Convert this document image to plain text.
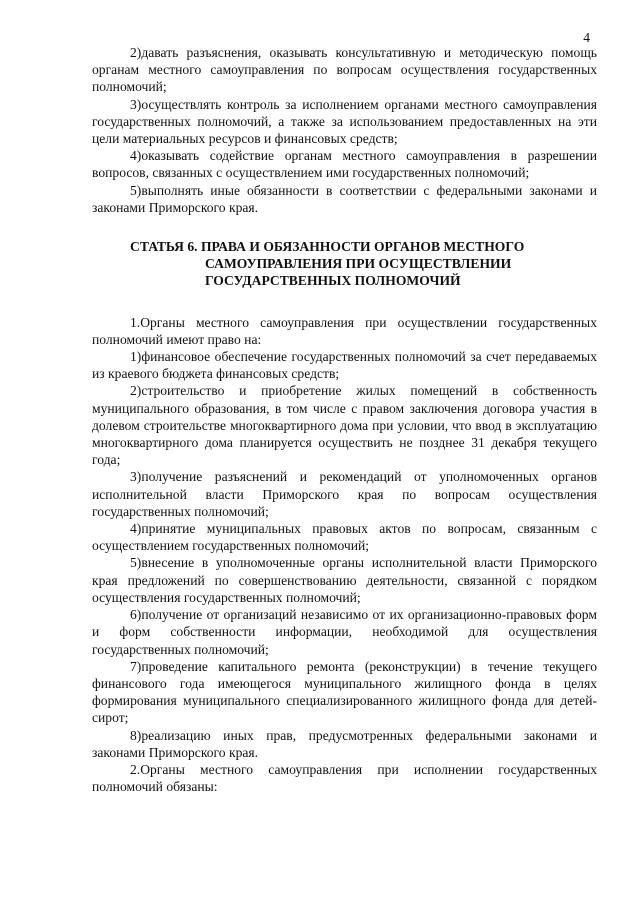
4

2)давать разъяснения, оказывать консультативную и методическую помощь органам местного самоуправления по вопросам осуществления государственных полномочий;

3)осуществлять контроль за исполнением органами местного самоуправления государственных полномочий, а также за использованием предоставленных на эти цели материальных ресурсов и финансовых средств;

4)оказывать содействие органам местного самоуправления в разрешении вопросов, связанных с осуществлением ими государственных полномочий;

5)выполнять иные обязанности в соответствии с федеральными законами и законами Приморского края.

СТАТЬЯ 6. ПРАВА И ОБЯЗАННОСТИ ОРГАНОВ МЕСТНОГО
САМОУПРАВЛЕНИЯ ПРИ ОСУЩЕСТВЛЕНИИ
ГОСУДАРСТВЕННЫХ ПОЛНОМОЧИЙ

1.Органы местного самоуправления при осуществлении государственных полномочий имеют право на:

1)финансовое обеспечение государственных полномочий за счет передаваемых из краевого бюджета финансовых средств;

2)строительство и приобретение жилых помещений в собственность муниципального образования, в том числе с правом заключения договора участия в долевом строительстве многоквартирного дома при условии, что ввод в эксплуатацию многоквартирного дома планируется осуществить не позднее 31 декабря текущего года;

3)получение разъяснений и рекомендаций от уполномоченных органов исполнительной власти Приморского края по вопросам осуществления государственных полномочий;

4)принятие муниципальных правовых актов по вопросам, связанным с осуществлением государственных полномочий;

5)внесение в уполномоченные органы исполнительной власти Приморского края предложений по совершенствованию деятельности, связанной с порядком осуществления государственных полномочий;

6)получение от организаций независимо от их организационно-правовых форм и форм собственности информации, необходимой для осуществления государственных полномочий;

7)проведение капитального ремонта (реконструкции) в течение текущего финансового года имеющегося муниципального жилищного фонда в целях формирования муниципального специализированного жилищного фонда для детей-сирот;

8)реализацию иных прав, предусмотренных федеральными законами и законами Приморского края.

2.Органы местного самоуправления при исполнении государственных полномочий обязаны:
